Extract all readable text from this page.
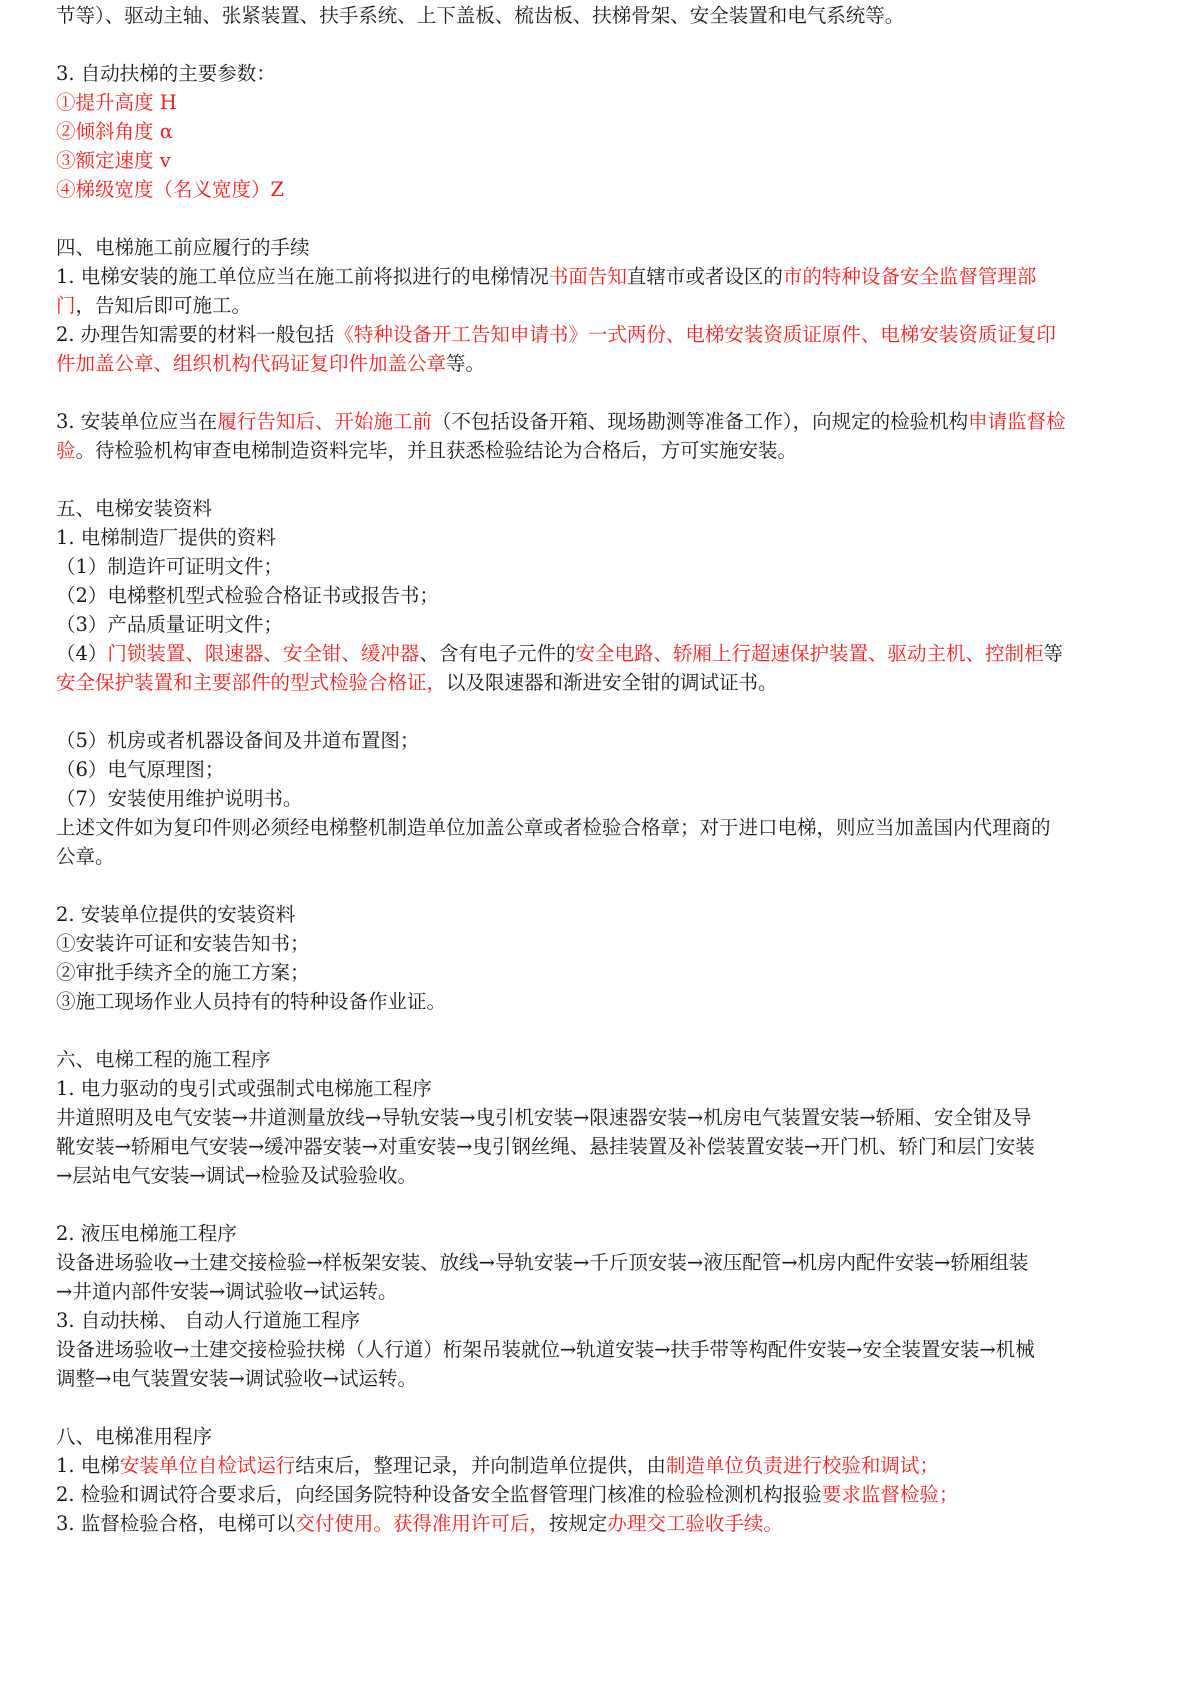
节等）、驱动主轴、张紧装置、扶手系统、上下盖板、梳齿板、扶梯骨架、安全装置和电气系统等。
3. 自动扶梯的主要参数：
①提升高度 H
②倾斜角度 α
③额定速度 v
④梯级宽度（名义宽度）Z
四、电梯施工前应履行的手续
1. 电梯安装的施工单位应当在施工前将拟进行的电梯情况书面告知直辖市或者设区的市的特种设备安全监督管理部
门，告知后即可施工。
2. 办理告知需要的材料一般包括《特种设备开工告知申请书》一式两份、电梯安装资质证原件、电梯安装资质证复印
件加盖公章、组织机构代码证复印件加盖公章等。
3. 安装单位应当在履行告知后、开始施工前（不包括设备开箱、现场勘测等准备工作），向规定的检验机构申请监督检
验。待检验机构审查电梯制造资料完毕，并且获悉检验结论为合格后，方可实施安装。
五、电梯安装资料
1. 电梯制造厂提供的资料
（1）制造许可证明文件；
（2）电梯整机型式检验合格证书或报告书；
（3）产品质量证明文件；
（4）门锁装置、限速器、安全钳、缓冲器、含有电子元件的安全电路、轿厢上行超速保护装置、驱动主机、控制柜等
安全保护装置和主要部件的型式检验合格证，以及限速器和渐进安全钳的调试证书。
（5）机房或者机器设备间及井道布置图；
（6）电气原理图；
（7）安装使用维护说明书。
上述文件如为复印件则必须经电梯整机制造单位加盖公章或者检验合格章；对于进口电梯，则应当加盖国内代理商的
公章。
2. 安装单位提供的安装资料
①安装许可证和安装告知书；
②审批手续齐全的施工方案；
③施工现场作业人员持有的特种设备作业证。
六、电梯工程的施工程序
1. 电力驱动的曳引式或强制式电梯施工程序
井道照明及电气安装→井道测量放线→导轨安装→曳引机安装→限速器安装→机房电气装置安装→轿厢、安全钳及导
靴安装→轿厢电气安装→缓冲器安装→对重安装→曳引钢丝绳、悬挂装置及补偿装置安装→开门机、轿门和层门安装
→层站电气安装→调试→检验及试验验收。
2. 液压电梯施工程序
设备进场验收→土建交接检验→样板架安装、放线→导轨安装→千斤顶安装→液压配管→机房内配件安装→轿厢组装
→井道内部件安装→调试验收→试运转。
3. 自动扶梯、 自动人行道施工程序
设备进场验收→土建交接检验扶梯（人行道）桁架吊装就位→轨道安装→扶手带等构配件安装→安全装置安装→机械
调整→电气装置安装→调试验收→试运转。
八、电梯准用程序
1. 电梯安装单位自检试运行结束后，整理记录，并向制造单位提供，由制造单位负责进行校验和调试；
2. 检验和调试符合要求后，向经国务院特种设备安全监督管理门核准的检验检测机构报验要求监督检验；
3. 监督检验合格，电梯可以交付使用。获得准用许可后，按规定办理交工验收手续。
